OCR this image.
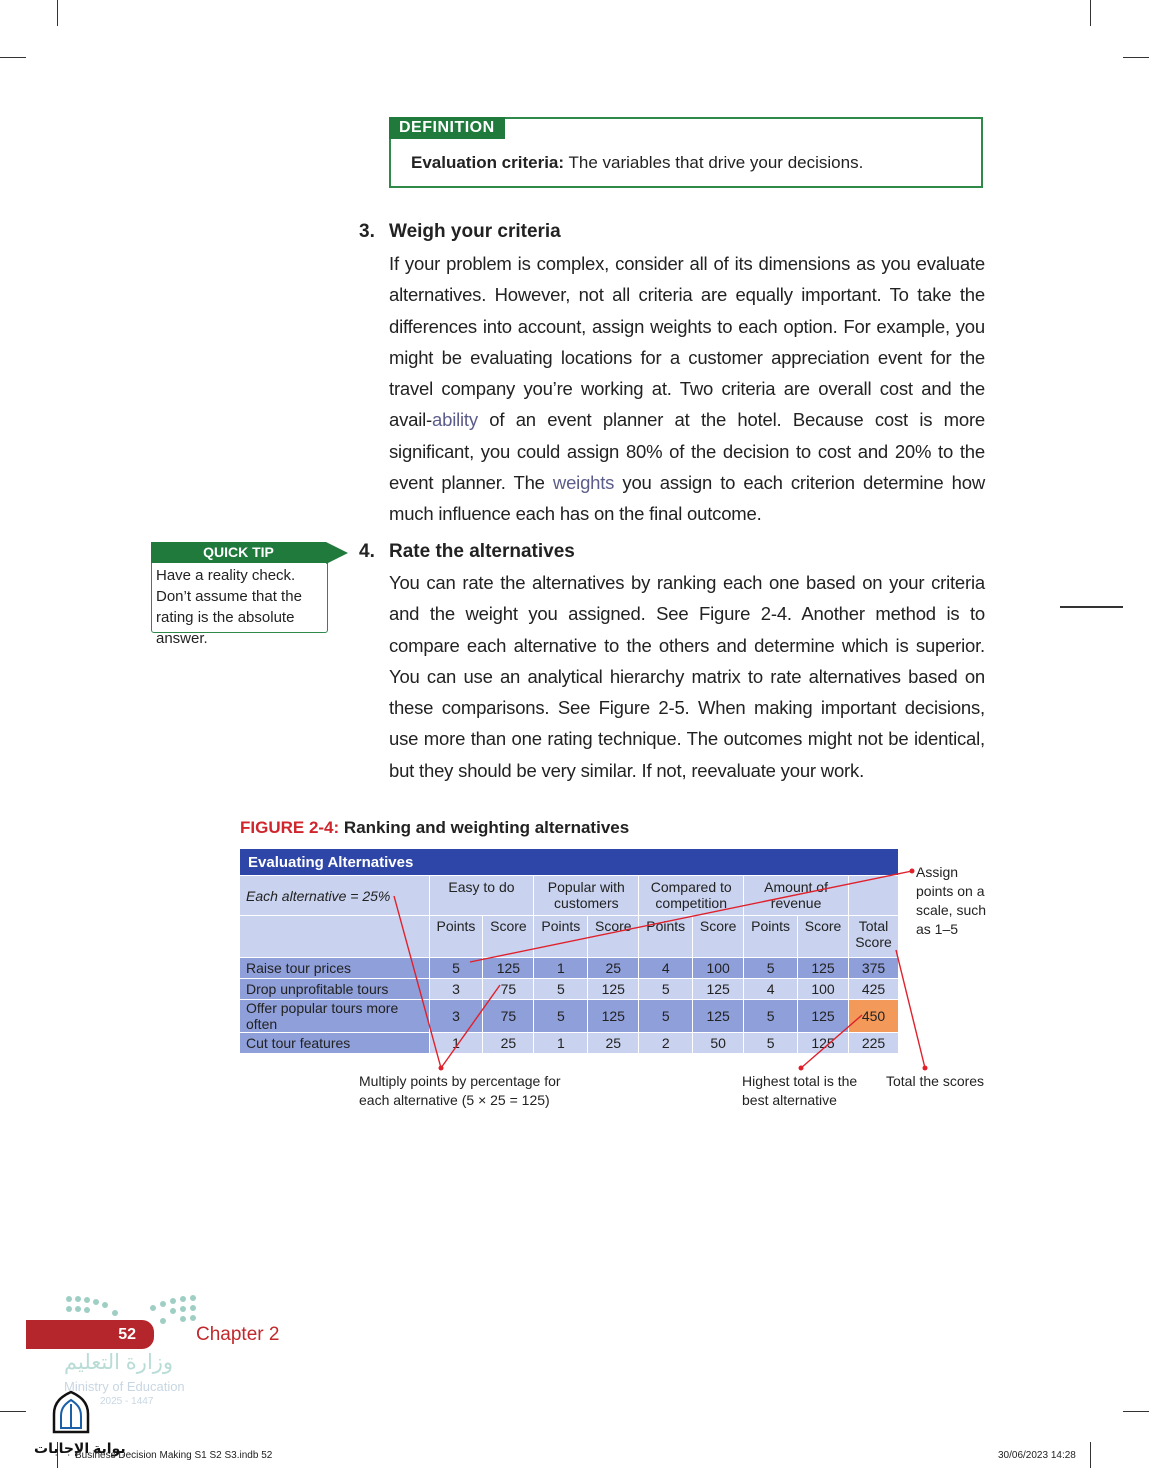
DEFINITION
Evaluation criteria: The variables that drive your decisions.
3. Weigh your criteria
If your problem is complex, consider all of its dimensions as you evaluate alternatives. However, not all criteria are equally important. To take the differences into account, assign weights to each option. For example, you might be evaluating locations for a customer appreciation event for the travel company you’re working at. Two criteria are overall cost and the avail-ability of an event planner at the hotel. Because cost is more significant, you could assign 80% of the decision to cost and 20% to the event planner. The weights you assign to each criterion determine how much influence each has on the final outcome.
QUICK TIP
Have a reality check. Don’t assume that the rating is the absolute answer.
4. Rate the alternatives
You can rate the alternatives by ranking each one based on your criteria and the weight you assigned. See Figure 2-4. Another method is to compare each alternative to the others and determine which is superior. You can use an analytical hierarchy matrix to rate alternatives based on these comparisons. See Figure 2-5. When making important decisions, use more than one rating technique. The outcomes might not be identical, but they should be very similar. If not, reevaluate your work.
FIGURE 2-4: Ranking and weighting alternatives
Evaluating Alternatives									
Each alternative = 25%	Easy to do		Popular with customers		Compared to competition		Amount of revenue		
	Points	Score	Points	Score	Points	Score	Points	Score	Total Score
Raise tour prices	5	125	1	25	4	100	5	125	375
Drop unprofitable tours	3	75	5	125	5	125	4	100	425
Offer popular tours more often	3	75	5	125	5	125	5	125	450
Cut tour features	1	25	1	25	2	50	5	125	225
Assign
points on a
scale, such
as 1–5
Multiply points by percentage for
each alternative (5 × 25 = 125)
Highest total is the
best alternative
Total the scores
52	Chapter 2
وزارة التعليم
Ministry of Education
2025 - 1447
بوابة الإجابات
Business Decision Making S1 S2 S3.indb 52	30/06/2023 14:28
